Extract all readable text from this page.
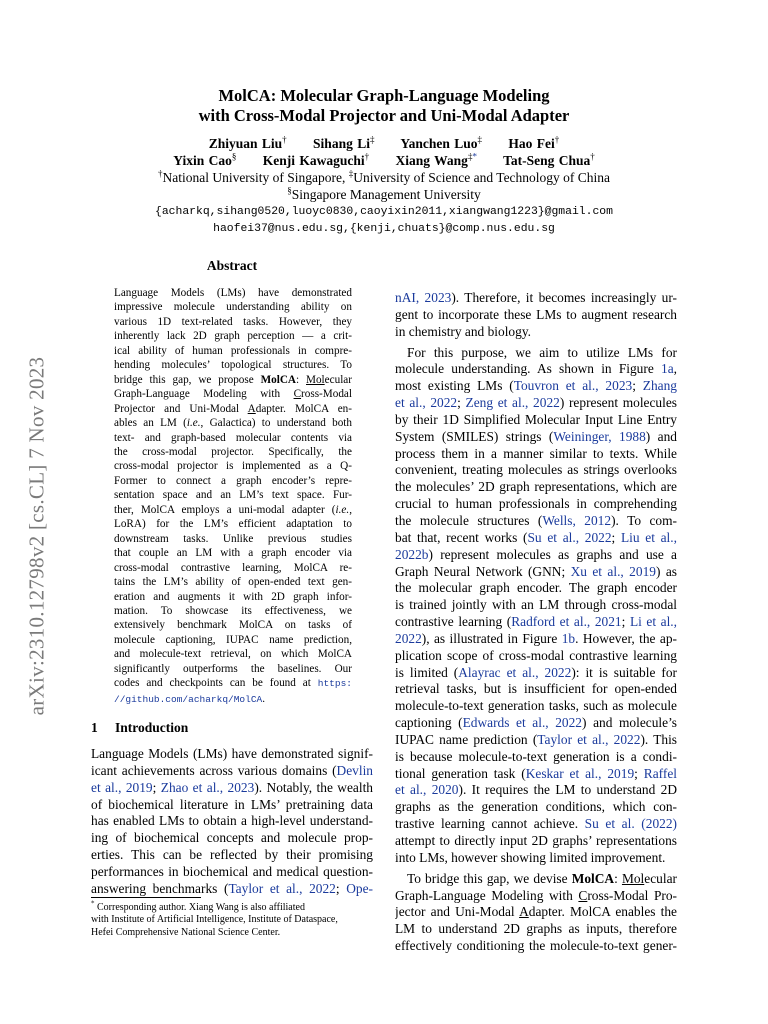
arXiv:2310.12798v2 [cs.CL] 7 Nov 2023
MolCA: Molecular Graph-Language Modeling
with Cross-Modal Projector and Uni-Modal Adapter
Zhiyuan Liu† Sihang Li‡ Yanchen Luo‡ Hao Fei†
Yixin Cao§ Kenji Kawaguchi† Xiang Wang‡* Tat-Seng Chua†
†National University of Singapore, ‡University of Science and Technology of China
§Singapore Management University
{acharkq,sihang0520,luoyc0830,caoyixin2011,xiangwang1223}@gmail.com
haofei37@nus.edu.sg,{kenji,chuats}@comp.nus.edu.sg
Abstract
Language Models (LMs) have demonstrated
impressive molecule understanding ability on
various 1D text-related tasks. However, they
inherently lack 2D graph perception — a crit-
ical ability of human professionals in compre-
hending molecules’ topological structures. To
bridge this gap, we propose MolCA: Molecular
Graph-Language Modeling with Cross-Modal
Projector and Uni-Modal Adapter. MolCA en-
ables an LM (i.e., Galactica) to understand both
text- and graph-based molecular contents via
the cross-modal projector. Specifically, the
cross-modal projector is implemented as a Q-
Former to connect a graph encoder’s repre-
sentation space and an LM’s text space. Fur-
ther, MolCA employs a uni-modal adapter (i.e.,
LoRA) for the LM’s efficient adaptation to
downstream tasks. Unlike previous studies
that couple an LM with a graph encoder via
cross-modal contrastive learning, MolCA re-
tains the LM’s ability of open-ended text gen-
eration and augments it with 2D graph infor-
mation. To showcase its effectiveness, we
extensively benchmark MolCA on tasks of
molecule captioning, IUPAC name prediction,
and molecule-text retrieval, on which MolCA
significantly outperforms the baselines. Our
codes and checkpoints can be found at https:
//github.com/acharkq/MolCA.
1 Introduction
Language Models (LMs) have demonstrated signif-
icant achievements across various domains (Devlin
et al., 2019; Zhao et al., 2023). Notably, the wealth
of biochemical literature in LMs’ pretraining data
has enabled LMs to obtain a high-level understand-
ing of biochemical concepts and molecule prop-
erties. This can be reflected by their promising
performances in biochemical and medical question-
answering benchmarks (Taylor et al., 2022; Ope-
nAI, 2023). Therefore, it becomes increasingly ur-
gent to incorporate these LMs to augment research
in chemistry and biology.
For this purpose, we aim to utilize LMs for
molecule understanding. As shown in Figure 1a,
most existing LMs (Touvron et al., 2023; Zhang
et al., 2022; Zeng et al., 2022) represent molecules
by their 1D Simplified Molecular Input Line Entry
System (SMILES) strings (Weininger, 1988) and
process them in a manner similar to texts. While
convenient, treating molecules as strings overlooks
the molecules’ 2D graph representations, which are
crucial to human professionals in comprehending
the molecule structures (Wells, 2012). To com-
bat that, recent works (Su et al., 2022; Liu et al.,
2022b) represent molecules as graphs and use a
Graph Neural Network (GNN; Xu et al., 2019) as
the molecular graph encoder. The graph encoder
is trained jointly with an LM through cross-modal
contrastive learning (Radford et al., 2021; Li et al.,
2022), as illustrated in Figure 1b. However, the ap-
plication scope of cross-modal contrastive learning
is limited (Alayrac et al., 2022): it is suitable for
retrieval tasks, but is insufficient for open-ended
molecule-to-text generation tasks, such as molecule
captioning (Edwards et al., 2022) and molecule’s
IUPAC name prediction (Taylor et al., 2022). This
is because molecule-to-text generation is a condi-
tional generation task (Keskar et al., 2019; Raffel
et al., 2020). It requires the LM to understand 2D
graphs as the generation conditions, which con-
trastive learning cannot achieve. Su et al. (2022)
attempt to directly input 2D graphs’ representations
into LMs, however showing limited improvement.
To bridge this gap, we devise MolCA: Molecular
Graph-Language Modeling with Cross-Modal Pro-
jector and Uni-Modal Adapter. MolCA enables the
LM to understand 2D graphs as inputs, therefore
effectively conditioning the molecule-to-text gener-
* Corresponding author. Xiang Wang is also affiliated
with Institute of Artificial Intelligence, Institute of Dataspace,
Hefei Comprehensive National Science Center.
